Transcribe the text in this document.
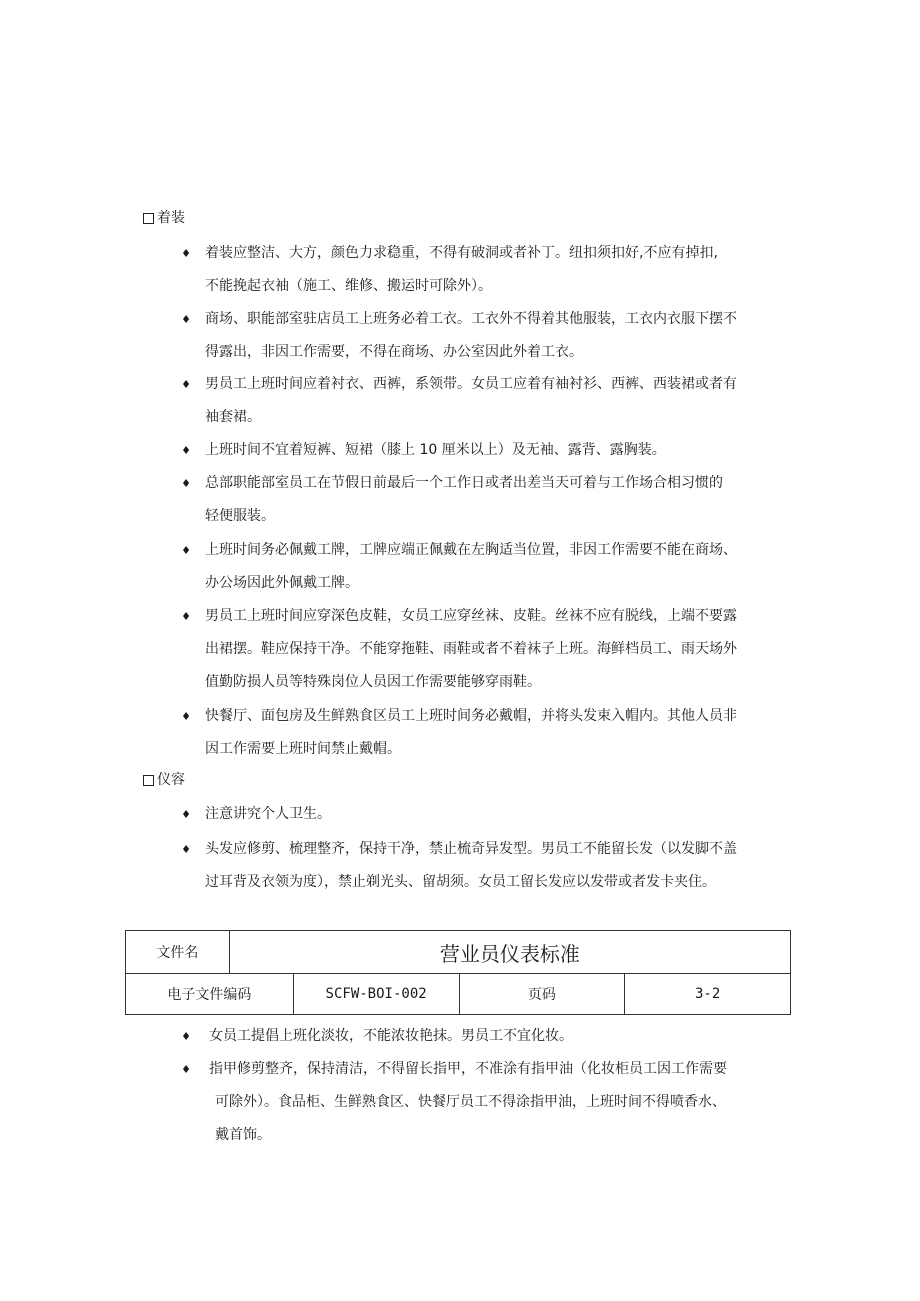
着装
♦ 着装应整洁、大方，颜色力求稳重，不得有破洞或者补丁。纽扣须扣好,不应有掉扣,
不能挽起衣袖（施工、维修、搬运时可除外）。
♦ 商场、职能部室驻店员工上班务必着工衣。工衣外不得着其他服装，工衣内衣服下摆不
得露出，非因工作需要，不得在商场、办公室因此外着工衣。
♦ 男员工上班时间应着衬衣、西裤，系领带。女员工应着有袖衬衫、西裤、西装裙或者有
袖套裙。
♦ 上班时间不宜着短裤、短裙（膝上 10 厘米以上）及无袖、露背、露胸装。
♦ 总部职能部室员工在节假日前最后一个工作日或者出差当天可着与工作场合相习惯的
轻便服装。
♦ 上班时间务必佩戴工牌，工牌应端正佩戴在左胸适当位置，非因工作需要不能在商场、
办公场因此外佩戴工牌。
♦ 男员工上班时间应穿深色皮鞋，女员工应穿丝袜、皮鞋。丝袜不应有脱线，上端不要露
出裙摆。鞋应保持干净。不能穿拖鞋、雨鞋或者不着袜子上班。海鲜档员工、雨天场外
值勤防损人员等特殊岗位人员因工作需要能够穿雨鞋。
♦ 快餐厅、面包房及生鲜熟食区员工上班时间务必戴帽，并将头发束入帽内。其他人员非
因工作需要上班时间禁止戴帽。
仪容
♦ 注意讲究个人卫生。
♦ 头发应修剪、梳理整齐，保持干净，禁止梳奇异发型。男员工不能留长发（以发脚不盖
过耳背及衣领为度），禁止剃光头、留胡须。女员工留长发应以发带或者发卡夹住。
文件名	营业员仪表标准			
电子文件编码		SCFW-BOI-002	页码	3-2
♦ 女员工提倡上班化淡妆，不能浓妆艳抹。男员工不宜化妆。
♦ 指甲修剪整齐，保持清洁，不得留长指甲，不准涂有指甲油（化妆柜员工因工作需要
可除外）。食品柜、生鲜熟食区、快餐厅员工不得涂指甲油，上班时间不得喷香水、
戴首饰。
